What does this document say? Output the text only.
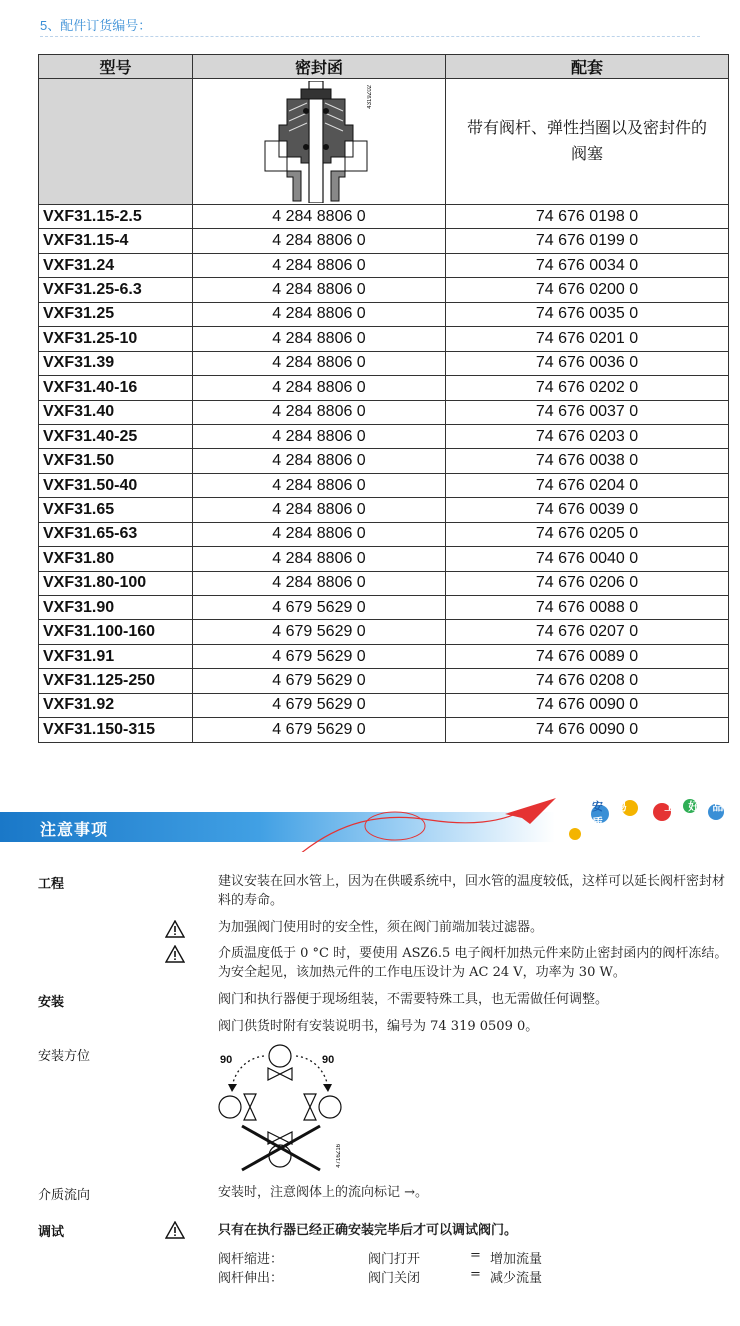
5、配件订货编号：
型号	密封函	配套

	4319Z02	带有阀杆、弹性挡圈以及密封件的
阀塞

VXF31.15-2.5	4 284 8806 0	74 676 0198 0
VXF31.15-4	4 284 8806 0	74 676 0199 0
VXF31.24	4 284 8806 0	74 676 0034 0
VXF31.25-6.3	4 284 8806 0	74 676 0200 0
VXF31.25	4 284 8806 0	74 676 0035 0
VXF31.25-10	4 284 8806 0	74 676 0201 0
VXF31.39	4 284 8806 0	74 676 0036 0
VXF31.40-16	4 284 8806 0	74 676 0202 0
VXF31.40	4 284 8806 0	74 676 0037 0
VXF31.40-25	4 284 8806 0	74 676 0203 0
VXF31.50	4 284 8806 0	74 676 0038 0
VXF31.50-40	4 284 8806 0	74 676 0204 0
VXF31.65	4 284 8806 0	74 676 0039 0
VXF31.65-63	4 284 8806 0	74 676 0205 0
VXF31.80	4 284 8806 0	74 676 0040 0
VXF31.80-100	4 284 8806 0	74 676 0206 0
VXF31.90	4 679 5629 0	74 676 0088 0
VXF31.100-160	4 679 5629 0	74 676 0207 0
VXF31.91	4 679 5629 0	74 676 0089 0
VXF31.125-250	4 679 5629 0	74 676 0208 0
VXF31.92	4 679 5629 0	74 676 0090 0
VXF31.150-315	4 679 5629 0	74 676 0090 0
注意事项
安 易 买 上 好 品 质
工程	建议安装在回水管上，因为在供暖系统中，回水管的温度较低，这样可以延长阀杆密封材料的寿命。
为加强阀门使用时的安全性，须在阀门前端加装过滤器。
介质温度低于 0 °C 时，要使用 ASZ6.5 电子阀杆加热元件来防止密封函内的阀杆冻结。为安全起见，该加热元件的工作电压设计为 AC 24 V，功率为 30 W。
安装	阀门和执行器便于现场组装，不需要特殊工具，也无需做任何调整。
阀门供货时附有安装说明书，编号为 74 319 0509 0。
安装方位	90	90
4716Z16
介质流向	安装时，注意阀体上的流向标记 →。
调试	只有在执行器已经正确安装完毕后才可以调试阀门。
阀杆缩进：	阀门打开	= 增加流量
阀杆伸出：	阀门关闭	= 减少流量
